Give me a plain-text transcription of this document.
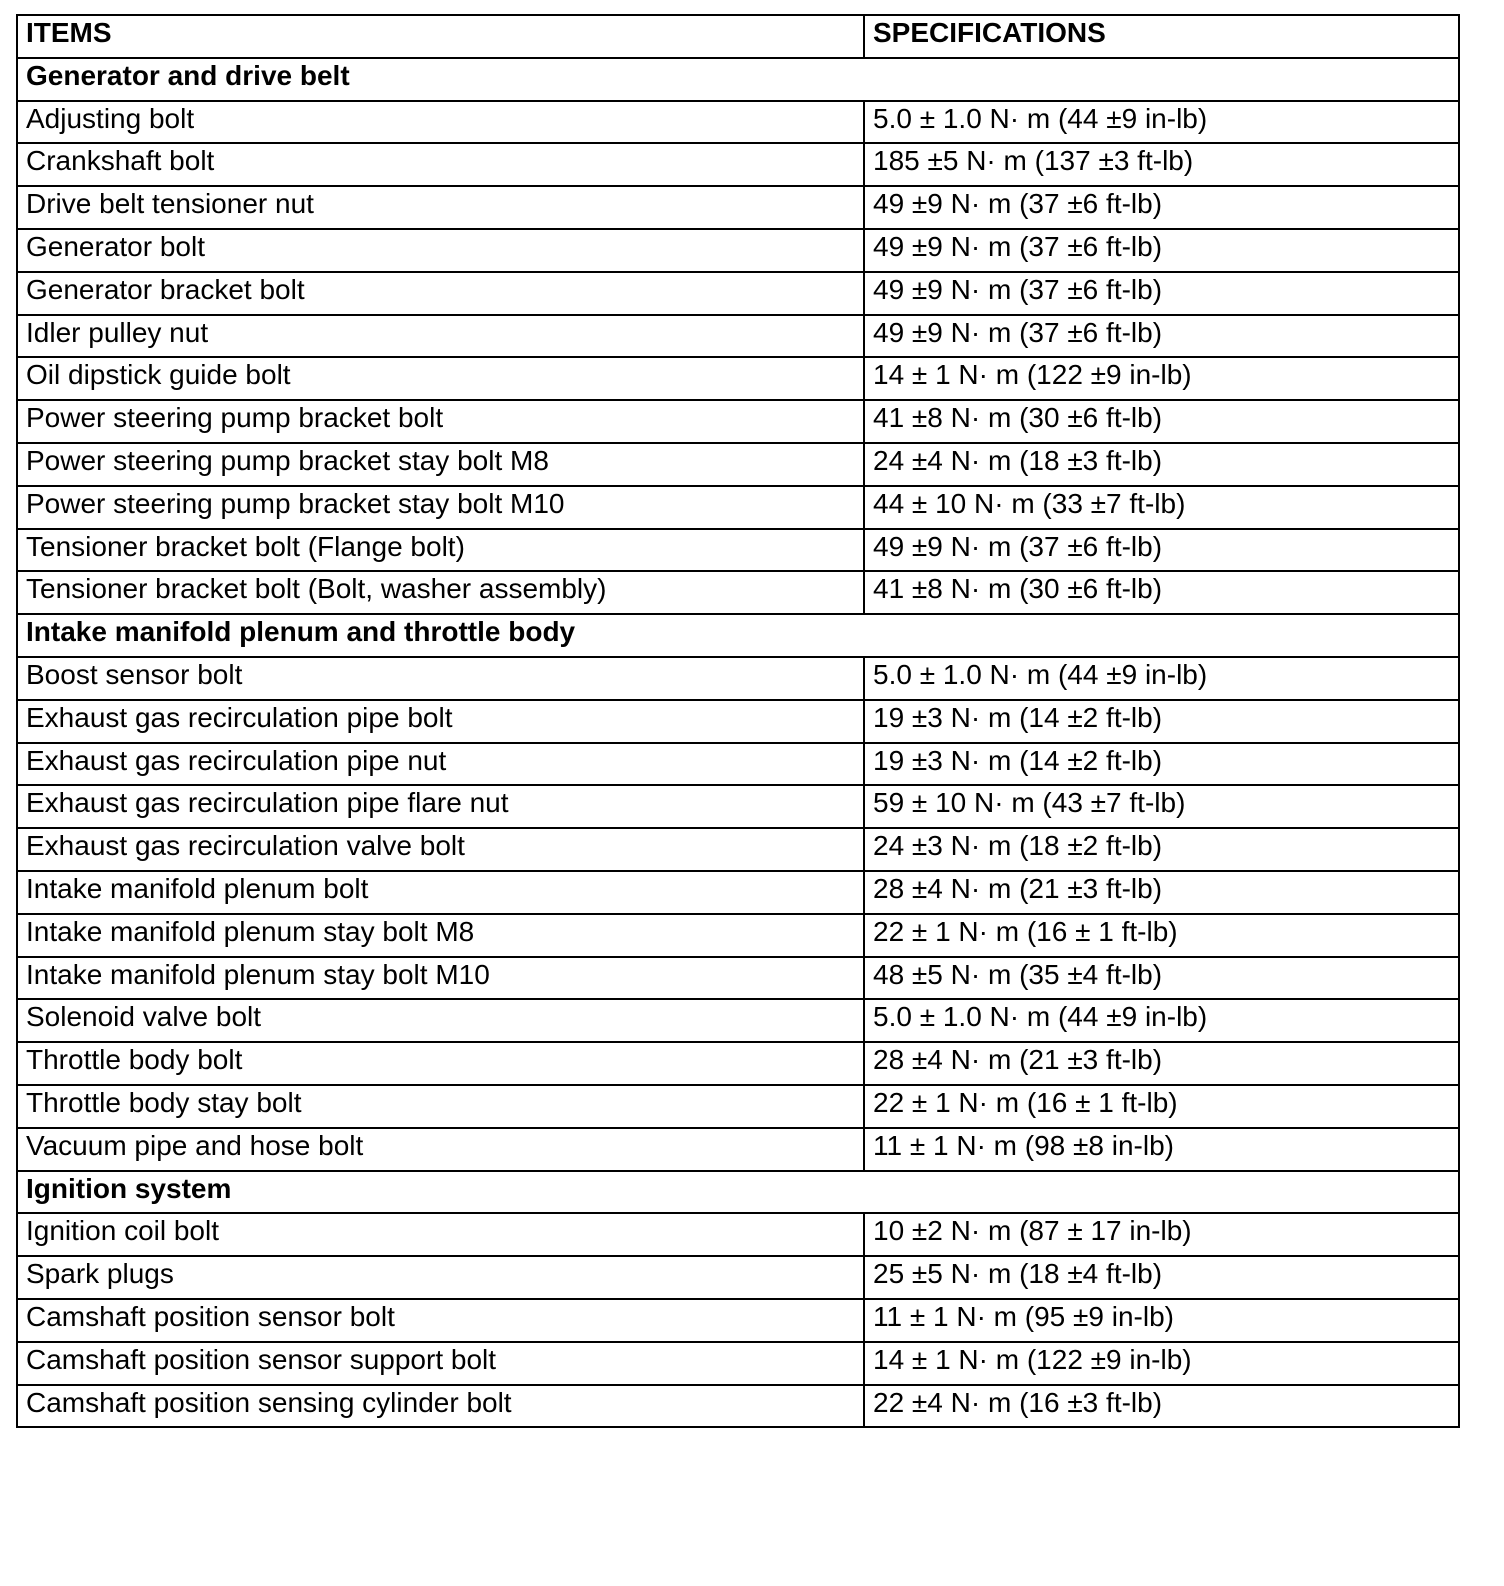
ITEMS	SPECIFICATIONS
Generator and drive belt	
Adjusting bolt	5.0 ± 1.0 N· m (44 ±9 in-lb)
Crankshaft bolt	185 ±5 N· m (137 ±3 ft-lb)
Drive belt tensioner nut	49 ±9 N· m (37 ±6 ft-lb)
Generator bolt	49 ±9 N· m (37 ±6 ft-lb)
Generator bracket bolt	49 ±9 N· m (37 ±6 ft-lb)
Idler pulley nut	49 ±9 N· m (37 ±6 ft-lb)
Oil dipstick guide bolt	14 ± 1 N· m (122 ±9 in-lb)
Power steering pump bracket bolt	41 ±8 N· m (30 ±6 ft-lb)
Power steering pump bracket stay bolt M8	24 ±4 N· m (18 ±3 ft-lb)
Power steering pump bracket stay bolt M10	44 ± 10 N· m (33 ±7 ft-lb)
Tensioner bracket bolt (Flange bolt)	49 ±9 N· m (37 ±6 ft-lb)
Tensioner bracket bolt (Bolt, washer assembly)	41 ±8 N· m (30 ±6 ft-lb)
Intake manifold plenum and throttle body	
Boost sensor bolt	5.0 ± 1.0 N· m (44 ±9 in-lb)
Exhaust gas recirculation pipe bolt	19 ±3 N· m (14 ±2 ft-lb)
Exhaust gas recirculation pipe nut	19 ±3 N· m (14 ±2 ft-lb)
Exhaust gas recirculation pipe flare nut	59 ± 10 N· m (43 ±7 ft-lb)
Exhaust gas recirculation valve bolt	24 ±3 N· m (18 ±2 ft-lb)
Intake manifold plenum bolt	28 ±4 N· m (21 ±3 ft-lb)
Intake manifold plenum stay bolt M8	22 ± 1 N· m (16 ± 1 ft-lb)
Intake manifold plenum stay bolt M10	48 ±5 N· m (35 ±4 ft-lb)
Solenoid valve bolt	5.0 ± 1.0 N· m (44 ±9 in-lb)
Throttle body bolt	28 ±4 N· m (21 ±3 ft-lb)
Throttle body stay bolt	22 ± 1 N· m (16 ± 1 ft-lb)
Vacuum pipe and hose bolt	11 ± 1 N· m (98 ±8 in-lb)
Ignition system	
Ignition coil bolt	10 ±2 N· m (87 ± 17 in-lb)
Spark plugs	25 ±5 N· m (18 ±4 ft-lb)
Camshaft position sensor bolt	11 ± 1 N· m (95 ±9 in-lb)
Camshaft position sensor support bolt	14 ± 1 N· m (122 ±9 in-lb)
Camshaft position sensing cylinder bolt	22 ±4 N· m (16 ±3 ft-lb)
